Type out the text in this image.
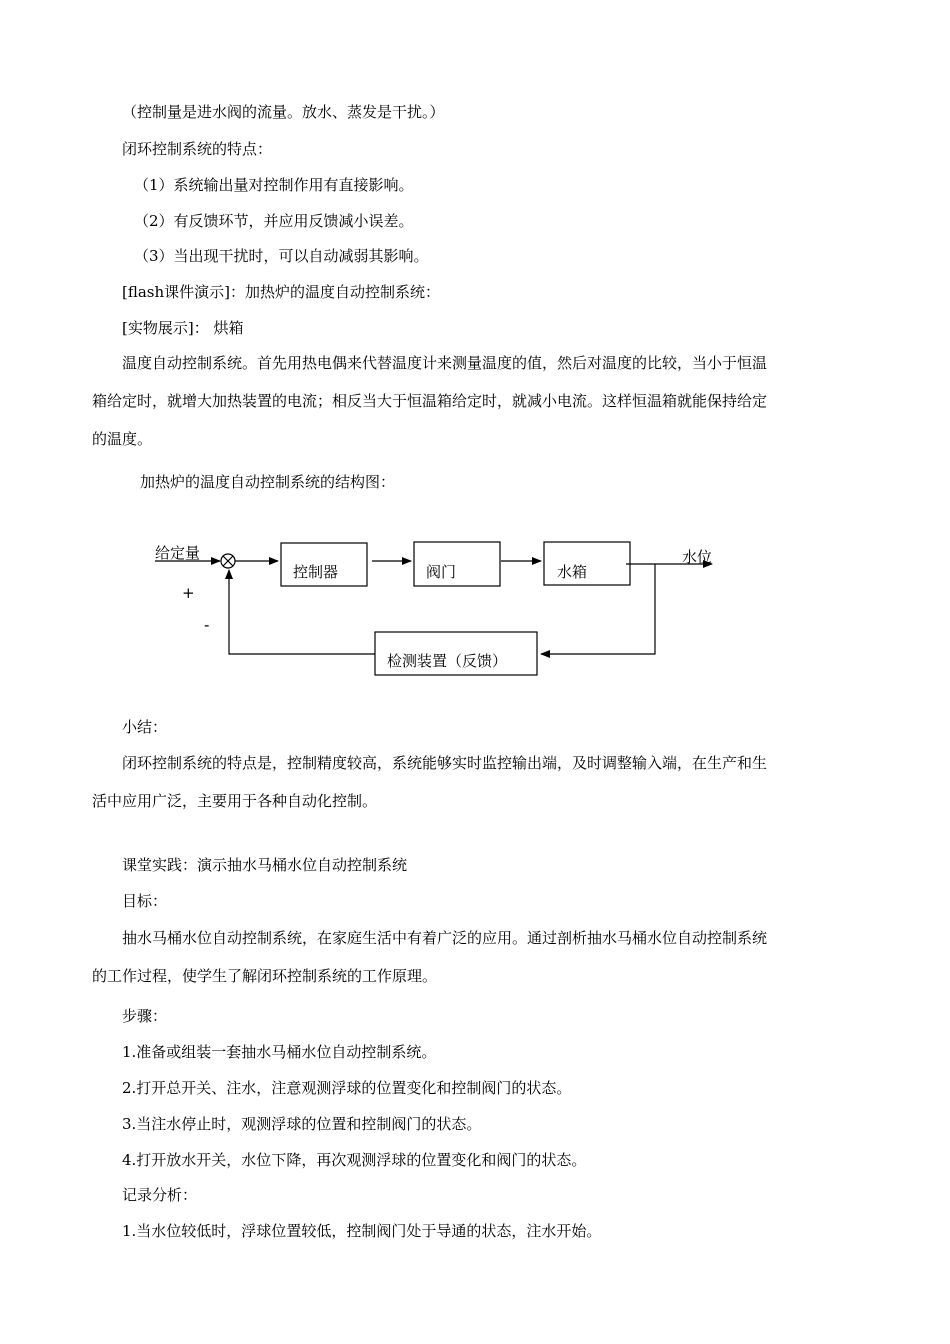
（控制量是进水阀的流量。放水、蒸发是干扰。）
闭环控制系统的特点：
（1）系统输出量对控制作用有直接影响。
（2）有反馈环节，并应用反馈减小误差。
（3）当出现干扰时，可以自动减弱其影响。
[flash课件演示]：加热炉的温度自动控制系统：
[实物展示]： 烘箱
温度自动控制系统。首先用热电偶来代替温度计来测量温度的值，然后对温度的比较，当小于恒温
箱给定时，就增大加热装置的电流；相反当大于恒温箱给定时，就减小电流。这样恒温箱就能保持给定
的温度。
加热炉的温度自动控制系统的结构图：
给定量
+
-
控制器	阀门	水箱
水位
检测装置（反馈）
小结：
闭环控制系统的特点是，控制精度较高，系统能够实时监控输出端，及时调整输入端，在生产和生
活中应用广泛，主要用于各种自动化控制。
课堂实践：演示抽水马桶水位自动控制系统
目标：
抽水马桶水位自动控制系统，在家庭生活中有着广泛的应用。通过剖析抽水马桶水位自动控制系统
的工作过程，使学生了解闭环控制系统的工作原理。
步骤：
1.准备或组装一套抽水马桶水位自动控制系统。
2.打开总开关、注水，注意观测浮球的位置变化和控制阀门的状态。
3.当注水停止时，观测浮球的位置和控制阀门的状态。
4.打开放水开关，水位下降，再次观测浮球的位置变化和阀门的状态。
记录分析：
1.当水位较低时，浮球位置较低，控制阀门处于导通的状态，注水开始。
